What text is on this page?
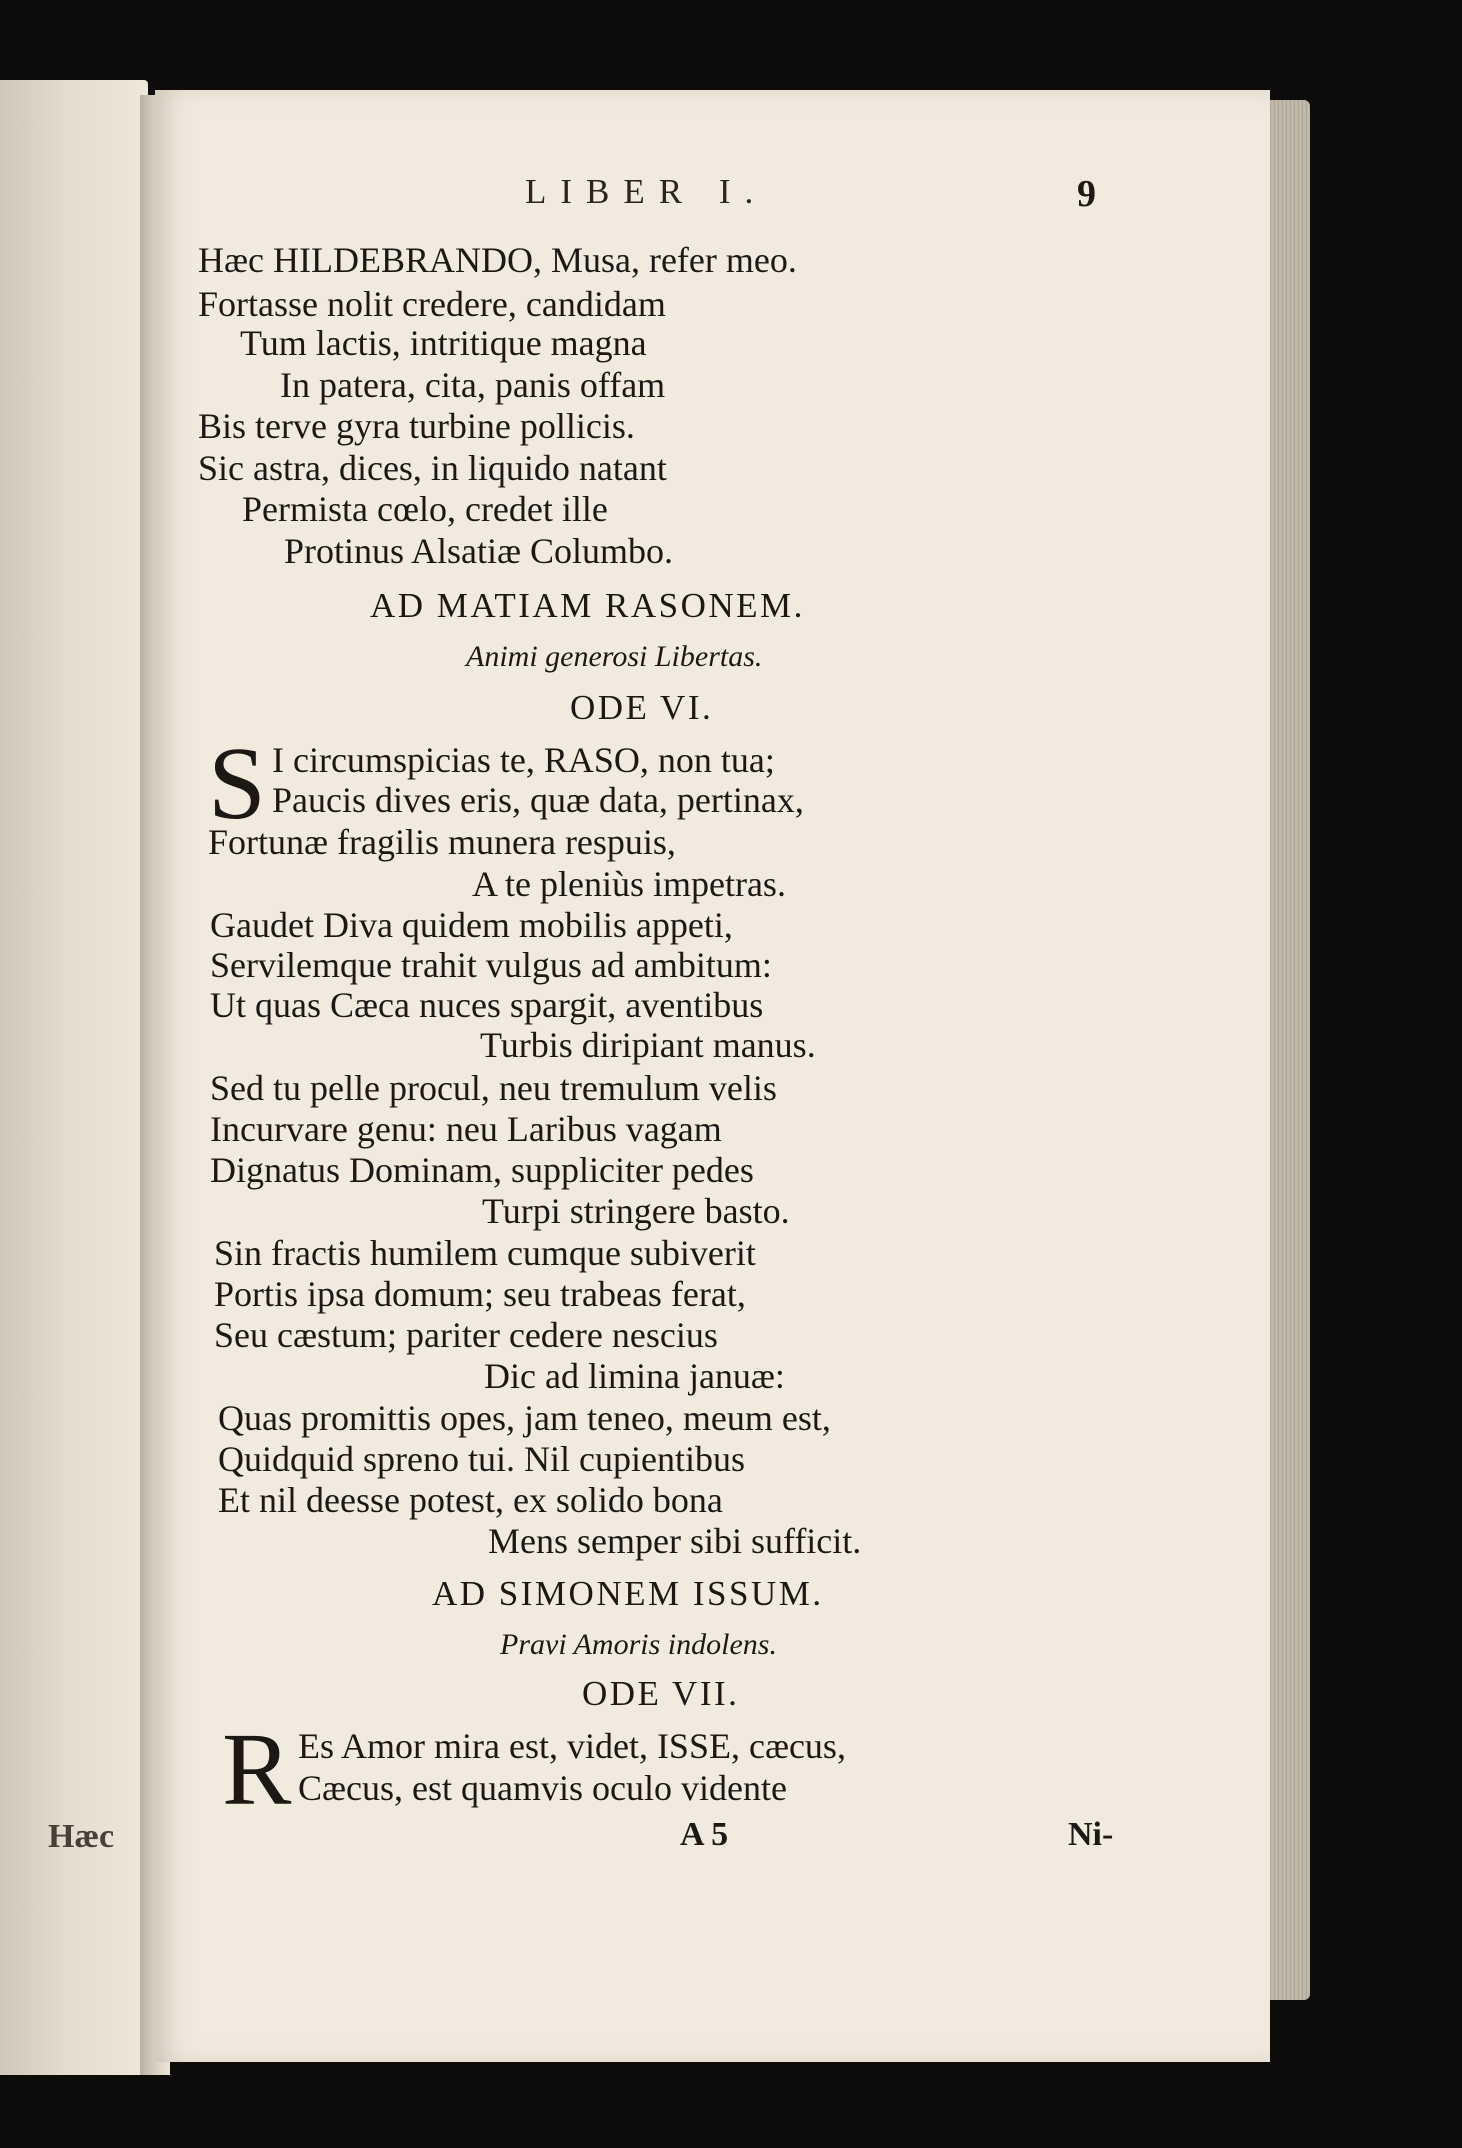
Hæc
LIBER I.	9
Hæc HILDEBRANDO, Musa, refer meo.
Fortasse nolit credere, candidam
Tum lactis, intritique magna
In patera, cita, panis offam
Bis terve gyra turbine pollicis.
Sic astra, dices, in liquido natant
Permista cœlo, credet ille
Protinus Alsatiæ Columbo.
AD MATIAM RASONEM.
Animi generosi Libertas.
ODE VI.
S I circumspicias te, RASO, non tua;
Paucis dives eris, quæ data, pertinax,
Fortunæ fragilis munera respuis,
A te pleniùs impetras.
Gaudet Diva quidem mobilis appeti,
Servilemque trahit vulgus ad ambitum:
Ut quas Cæca nuces spargit, aventibus
Turbis diripiant manus.
Sed tu pelle procul, neu tremulum velis
Incurvare genu: neu Laribus vagam
Dignatus Dominam, suppliciter pedes
Turpi stringere basto.
Sin fractis humilem cumque subiverit
Portis ipsa domum; seu trabeas ferat,
Seu cæstum; pariter cedere nescius
Dic ad limina januæ:
Quas promittis opes, jam teneo, meum est,
Quidquid spreno tui. Nil cupientibus
Et nil deesse potest, ex solido bona
Mens semper sibi sufficit.
AD SIMONEM ISSUM.
Pravi Amoris indolens.
ODE VII.
R Es Amor mira est, videt, ISSE, cæcus,
Cæcus, est quamvis oculo vidente
A 5	Ni-
